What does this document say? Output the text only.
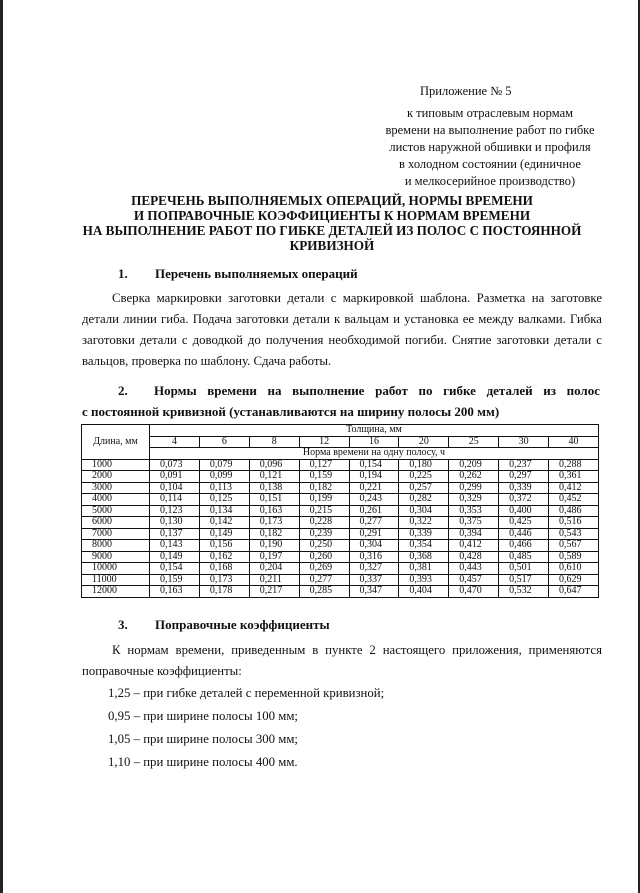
Приложение № 5
к типовым отраслевым нормам
времени на выполнение работ по гибке
листов наружной обшивки и профиля
в холодном состоянии (единичное
и мелкосерийное производство)
ПЕРЕЧЕНЬ ВЫПОЛНЯЕМЫХ ОПЕРАЦИЙ, НОРМЫ ВРЕМЕНИ
И ПОПРАВОЧНЫЕ КОЭФФИЦИЕНТЫ К НОРМАМ ВРЕМЕНИ
НА ВЫПОЛНЕНИЕ РАБОТ ПО ГИБКЕ ДЕТАЛЕЙ ИЗ ПОЛОС С ПОСТОЯННОЙ
КРИВИЗНОЙ
1. Перечень выполняемых операций
Сверка маркировки заготовки детали с маркировкой шаблона. Разметка на заготовке детали линии гиба. Подача заготовки детали к вальцам и установка ее между валками. Гибка заготовки детали с доводкой до получения необходимой погиби. Снятие заготовки детали с вальцов, проверка по шаблону. Сдача работы.
2. Нормы времени на выполнение работ по гибке деталей из полос
с постоянной кривизной (устанавливаются на ширину полосы 200 мм)
Длина, мм	Толщина, мм								
	4	6	8	12	16	20	25	30	40
	Норма времени на одну полосу, ч								
1000	0,073	0,079	0,096	0,127	0,154	0,180	0,209	0,237	0,288
2000	0,091	0,099	0,121	0,159	0,194	0,225	0,262	0,297	0,361
3000	0,104	0,113	0,138	0,182	0,221	0,257	0,299	0,339	0,412
4000	0,114	0,125	0,151	0,199	0,243	0,282	0,329	0,372	0,452
5000	0,123	0,134	0,163	0,215	0,261	0,304	0,353	0,400	0,486
6000	0,130	0,142	0,173	0,228	0,277	0,322	0,375	0,425	0,516
7000	0,137	0,149	0,182	0,239	0,291	0,339	0,394	0,446	0,543
8000	0,143	0,156	0,190	0,250	0,304	0,354	0,412	0,466	0,567
9000	0,149	0,162	0,197	0,260	0,316	0,368	0,428	0,485	0,589
10000	0,154	0,168	0,204	0,269	0,327	0,381	0,443	0,501	0,610
11000	0,159	0,173	0,211	0,277	0,337	0,393	0,457	0,517	0,629
12000	0,163	0,178	0,217	0,285	0,347	0,404	0,470	0,532	0,647
3. Поправочные коэффициенты
К нормам времени, приведенным в пункте 2 настоящего приложения, применяются поправочные коэффициенты:
1,25 – при гибке деталей с переменной кривизной;
0,95 – при ширине полосы 100 мм;
1,05 – при ширине полосы 300 мм;
1,10 – при ширине полосы 400 мм.
